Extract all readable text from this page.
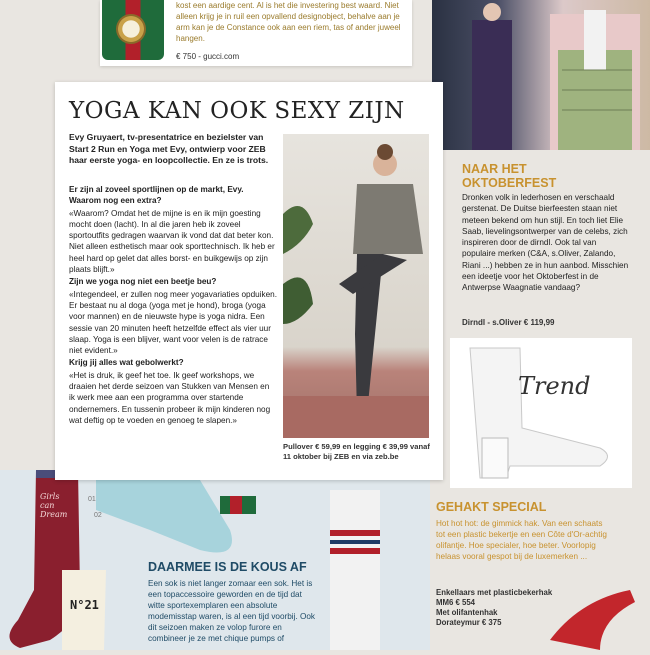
kost een aardige cent. Al is het die investering best waard. Niet alleen krijg je in ruil een opvallend designobject, behalve aan je arm kan je de Constance ook aan een riem, tas of ander juweel hangen.
€ 750 - gucci.com
NAAR HET OKTOBERFEST
Dronken volk in lederhosen en verschaald gerstenat. De Duitse bierfeesten staan niet meteen bekend om hun stijl. En toch liet Elie Saab, lievelingsontwerper van de celebs, zich inspireren door de dirndl. Ook tal van populaire merken (C&A, s.Oliver, Zalando, Riani ...) hebben ze in hun aanbod. Misschien een ideetje voor het Oktoberfest in de Antwerpse Waagnatie vandaag?
Dirndl - s.Oliver € 119,99
Trend
GEHAKT SPECIAL
Hot hot hot: de gimmick hak. Van een schaats tot een plastic bekertje en een Côte d'Or-achtig olifantje. Hoe specialer, hoe beter. Voorlopig helaas vooral gespot bij de luxemerken ...
Enkellaars met plasticbekerhak
MM6 € 554
Met olifantenhak
Dorateymur € 375
Girls can Dream
N°21
01
02
DAARMEE IS DE KOUS AF
Een sok is niet langer zomaar een sok. Het is een topaccessoire geworden en de tijd dat witte sportexemplaren een absolute modemisstap waren, is al een tijd voorbij. Ook dit seizoen maken ze volop furore en combineer je ze met chique pumps of
YOGA KAN OOK SEXY ZIJN
Evy Gruyaert, tv-presentatrice en bezielster van Start 2 Run en Yoga met Evy, ontwierp voor ZEB haar eerste yoga- en loopcollectie. En ze is trots.

Er zijn al zoveel sportlijnen op de markt, Evy. Waarom nog een extra?

«Waarom? Omdat het de mijne is en ik mijn goesting mocht doen (lacht). In al die jaren heb ik zoveel sportoutfits gedragen waarvan ik vond dat dat beter kon. Niet alleen esthetisch maar ook sporttechnisch. Ik heb er heel hard op gelet dat alles borst- en buikgewijs op zijn plaats blijft.»

Zijn we yoga nog niet een beetje beu?

«Integendeel, er zullen nog meer yogavariaties opduiken. Er bestaat nu al doga (yoga met je hond), broga (yoga voor mannen) en de nieuwste hype is yoga nidra. Een sessie van 20 minuten heeft hetzelfde effect als vier uur slaap. Yoga is een blijver, want voor velen is de ratrace niet evident.»

Krijg jij alles wat gebolwerkt?

«Het is druk, ik geef het toe. Ik geef workshops, we draaien het derde seizoen van Stukken van Mensen en ik werk mee aan een programma over startende ondernemers. En tussenin probeer ik mijn kinderen nog wat deftig op te voeden en genoeg te slapen.»

Pullover € 59,99 en legging € 39,99 vanaf 11 oktober bij ZEB en via zeb.be
